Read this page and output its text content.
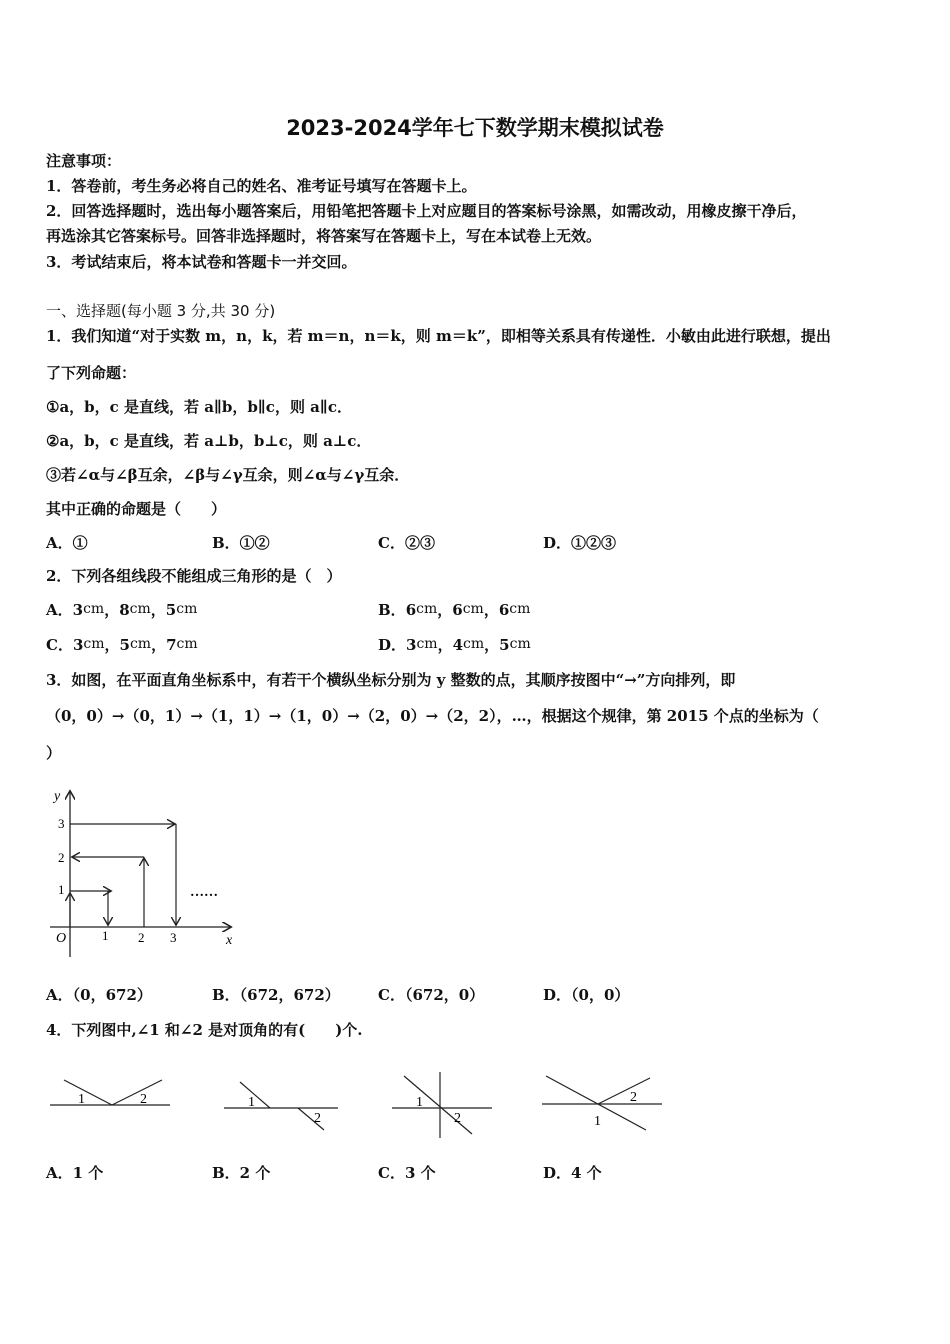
2023-2024学年七下数学期末模拟试卷
注意事项：
1．答卷前，考生务必将自己的姓名、准考证号填写在答题卡上。
2．回答选择题时，选出每小题答案后，用铅笔把答题卡上对应题目的答案标号涂黑，如需改动，用橡皮擦干净后，
再选涂其它答案标号。回答非选择题时，将答案写在答题卡上，写在本试卷上无效。
3．考试结束后，将本试卷和答题卡一并交回。
一、选择题(每小题 3 分,共 30 分)
1．我们知道“对于实数 m，n，k，若 m＝n，n＝k，则 m＝k”，即相等关系具有传递性．小敏由此进行联想，提出
了下列命题：
①a，b，c 是直线，若 a∥b，b∥c，则 a∥c．
②a，b，c 是直线，若 a⊥b，b⊥c，则 a⊥c．
③若∠α与∠β互余，∠β与∠γ互余，则∠α与∠γ互余．
其中正确的命题是（　　）
A．①	B．①②	C．②③	D．①②③
2．下列各组线段不能组成三角形的是（　）
A．3cm，8cm，5cm	B．6cm，6cm，6cm
C．3cm，5cm，7cm	D．3cm，4cm，5cm
3．如图，在平面直角坐标系中，有若干个横纵坐标分别为 y 整数的点，其顺序按图中“→”方向排列，即
（0，0）→（0，1）→（1，1）→（1，0）→（2，0）→（2，2），…，根据这个规律，第 2015 个点的坐标为（
）
y
x
O	1 2 3
1
2
3
……
A．（0，672）	B．（672，672）	C．（672，0）	D．（0，0）
4．下列图中,∠1 和∠2 是对顶角的有(　　)个.
1	2	1
2
1
2
2
1
A．1 个	B．2 个	C．3 个	D．4 个
